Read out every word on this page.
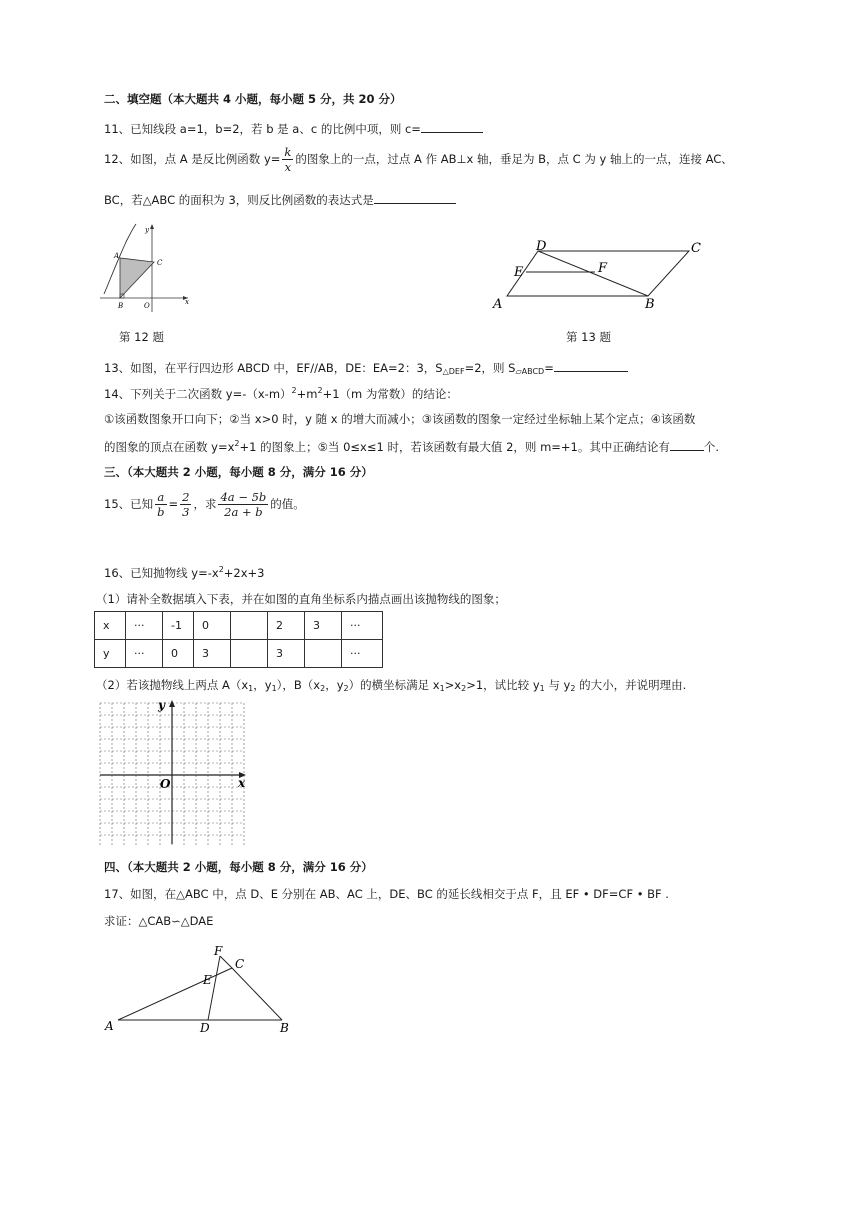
二、填空题（本大题共 4 小题，每小题 5 分，共 20 分）
11、已知线段 a=1，b=2，若 b 是 a、c 的比例中项，则 c=
12、如图，点 A 是反比例函数 $y= \frac{k}{x}$ 的图象上的一点，过点 A 作 AB⊥x 轴，垂足为 B，点 C 为 y 轴上的一点，连接 AC、
BC，若△ABC 的面积为 3，则反比例函数的表达式是
y
A
C
B	O	x
第 12 题
D	C
E	F
A	B
第 13 题
13、如图，在平行四边形 ABCD 中，EF//AB，DE：EA=2：3，$S_{\triangle DEF}=2$，则 $S_{▱ABCD}=$
14、下列关于二次函数 $y=-(x-m)^2+m^2+1(m$ 为常数）的结论：
①该函数图象开口向下；②当 x>0 时，y 随 x 的增大而减小；③该函数的图象一定经过坐标轴上某个定点；④该函数
的图象的顶点在函数 $y=x^2+1$ 的图象上；⑤当 0≤x≤1 时，若该函数有最大值 2，则 m=+1。其中正确结论有	个.
三、（本大题共 2 小题，每小题 8 分，满分 16 分）
15、已知 $\frac{a}{b} = \frac{2}{3}$ ，求 $\frac{4a - 5b}{2a + b}$ 的值。
16、已知抛物线 $y=-x^2+2x+3$
（1）请补全数据填入下表，并在如图的直角坐标系内描点画出该抛物线的图象；
x	···	-1	0		2	3	···
y	···	0	3		3		···
（2）若该抛物线上两点 $A(x_1$，$y_1$），$B(x_2$，$y_2$）的横坐标满足 $x_1>x_2>1$，试比较 $y_1$ 与 $y_2$ 的大小，并说明理由.
y
O	x
四、（本大题共 2 小题，每小题 8 分，满分 16 分）
17、如图，在△ABC 中，点 D、E 分别在 AB、AC 上，DE、BC 的延长线相交于点 F，且 EF • DF=CF • BF .
求证：△CAB∽△DAE
F
E
C
A	D	B
